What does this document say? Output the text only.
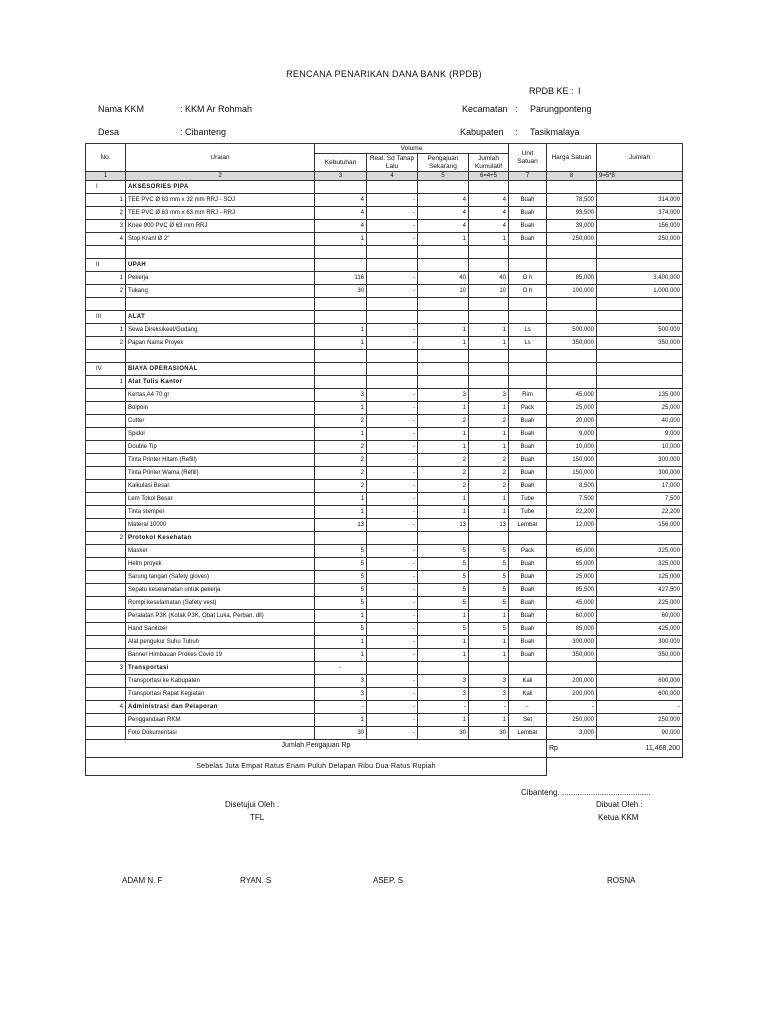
RENCANA PENARIKAN DANA BANK (RPDB)
RPDB KE : I
Nama KKM	: KKM Ar Rohmah
Desa	: Cibanteng
Kecamatan : Parungponteng
Kabupaten : Tasikmalaya
No.	Uraian	Volume				Unit Satuan	Harga Satuan	Jumlah
		Kebutuhan	Real. Sd Tahap Lalu	Pengajuan Sekarang	Jumlah Kumulatif			
1	2	3	4	5	6=4+5	7	8	9=5*8
I	AKSESORIES PIPA							
1	TEE PVC Ø 63 mm x 32 mm RRJ - SOJ	4	-	4	4	Buah	78,500	314,000
2	TEE PVC Ø 63 mm x 63 mm RRJ - RRJ	4	-	4	4	Buah	93,500	374,000
3	Knee 900 PVC Ø 63 mm RRJ	4	-	4	4	Buah	39,000	156,000
4	Stop Kranl Ø 2"	1	-	1	1	Buah	250,000	250,000

II	UPAH							
1	Pekerja	116	-	40	40	O h	85,000	3,400,000
2	Tukang	30	-	10	10	O h	100,000	1,000,000

III	ALAT							
1	Sewa Direksikeet/Gudang	1	-	1	1	Ls	500,000	500,000
2	Papan Nama Proyek	1	-	1	1	Ls	350,000	350,000

IV	BIAYA OPERASIONAL							
1	Alat Tulis Kantor							
	Kertas A4 70 gr	3	-	3	3	Rim	45,000	135,000
	Bolpoin	1	-	1	1	Pack	25,000	25,000
	Cutter	2	-	2	2	Buah	20,000	40,000
	Spidol	1	-	1	1	Buah	9,000	9,000
	Double Tip	2	-	1	1	Buah	10,000	10,000
	Tinta Printer Hitam (Refill)	2	-	2	2	Buah	150,000	300,000
	Tinta Printer Warna (Refill)	2	-	2	2	Buah	150,000	300,000
	Kalkulasi Besar	2	-	2	2	Buah	8,500	17,000
	Lem Tokol Besar	1	-	1	1	Tube	7,500	7,500
	Tinta stempel	1	-	1	1	Tube	22,200	22,200
	Materal 10000	13	-	13	13	Lembar	12,000	156,000
2	Protokol Kesehatan							
	Masker	5	-	5	5	Pack	65,000	325,000
	Helm proyek	5	-	5	5	Buah	65,000	325,000
	Sarung tangan (Safety gloves)	5	-	5	5	Buah	25,000	125,000
	Sepatu keselamatan untuk pekerja	5	-	5	5	Buah	85,500	427,500
	Rompi keselamatan (Safety vest)	5	-	5	5	Buah	45,000	225,000
	Peralatan P3K (Kotak P3K, Obat Luka, Perban, dll)	1	-	1	1	Buah	60,000	60,000
	Hand Sanitizer	5	-	5	5	Buah	85,000	425,000
	Alat pengukur Suhu Tubuh	1	-	1	1	Buah	300,000	300,000
	Banner Himbauan Prokes Covid 19	1	-	1	1	Buah	350,000	350,000
3	Transportasi	-						
	Transportasi ke Kabupaten	3	-	3	3	Kali	200,000	600,000
	Transportasi Rapat Kegiatan	3	-	3	3	Kali	200,000	600,000
4	Administrasi dan Pelaporan	-	-	-	-	-	-	-
	Penggandaan RKM	1	-	1	1	Set	250,000	250,000
	Foto Dokumentasi	30	-	30	30	Lembar	3,000	90,000
Jumlah Pengajuan Rp							Rp	11,468,200
Sebelas Juta Empat Ratus Enam Puluh Delapan Ribu Dua Ratus Rupiah								
Cibanteng. ........................................
Disetujui Oleh :
TFL
Dibuat Oleh :
Ketua KKM
ADAM N. F	RYAN. S	ASEP. S	ROSNA
